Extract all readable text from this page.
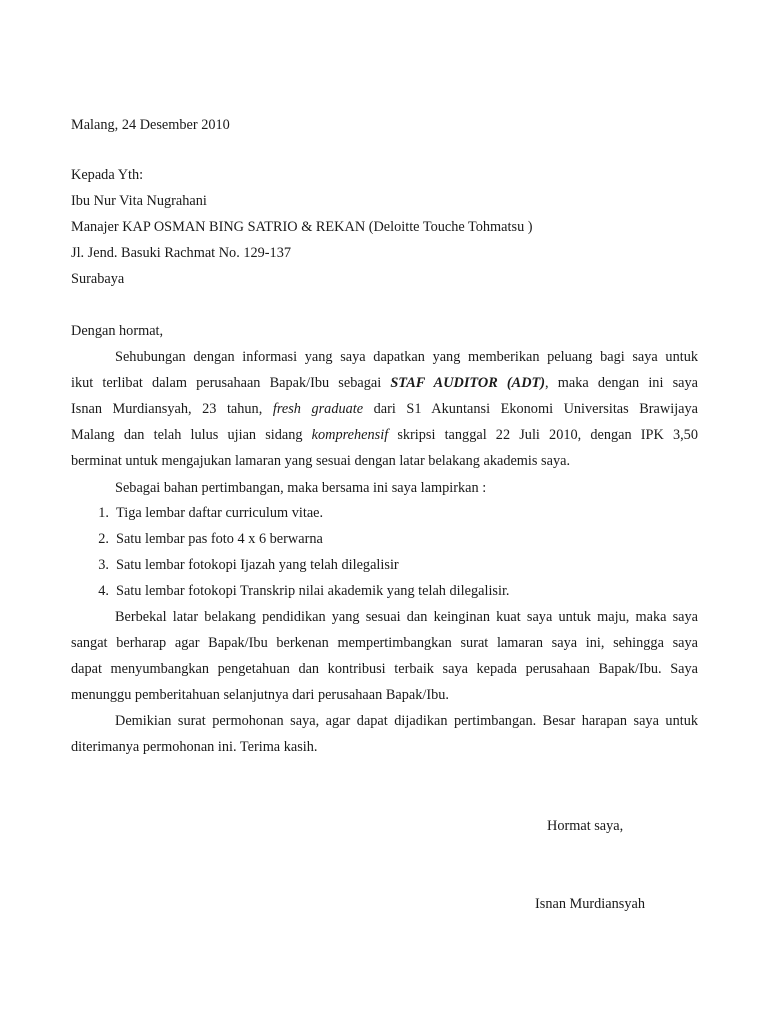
Malang, 24 Desember 2010
Kepada Yth:
Ibu Nur Vita Nugrahani
Manajer KAP OSMAN BING SATRIO & REKAN (Deloitte Touche Tohmatsu )
Jl. Jend. Basuki Rachmat No. 129-137
Surabaya
Dengan hormat,
Sehubungan dengan informasi yang saya dapatkan yang memberikan peluang bagi saya untuk
ikut terlibat dalam perusahaan Bapak/Ibu sebagai STAF AUDITOR (ADT), maka dengan ini saya
Isnan Murdiansyah, 23 tahun, fresh graduate dari S1 Akuntansi Ekonomi Universitas Brawijaya
Malang dan telah lulus ujian sidang komprehensif skripsi tanggal 22 Juli 2010, dengan IPK 3,50
berminat untuk mengajukan lamaran yang sesuai dengan latar belakang akademis saya.
Sebagai bahan pertimbangan, maka bersama ini saya lampirkan :
1. Tiga lembar daftar curriculum vitae.
2. Satu lembar pas foto 4 x 6 berwarna
3. Satu lembar fotokopi Ijazah yang telah dilegalisir
4. Satu lembar fotokopi Transkrip nilai akademik yang telah dilegalisir.
Berbekal latar belakang pendidikan yang sesuai dan keinginan kuat saya untuk maju, maka saya
sangat berharap agar Bapak/Ibu berkenan mempertimbangkan surat lamaran saya ini, sehingga saya
dapat menyumbangkan pengetahuan dan kontribusi terbaik saya kepada perusahaan Bapak/Ibu. Saya
menunggu pemberitahuan selanjutnya dari perusahaan Bapak/Ibu.
Demikian surat permohonan saya, agar dapat dijadikan pertimbangan. Besar harapan saya untuk
diterimanya permohonan ini. Terima kasih.
Hormat saya,
Isnan Murdiansyah
